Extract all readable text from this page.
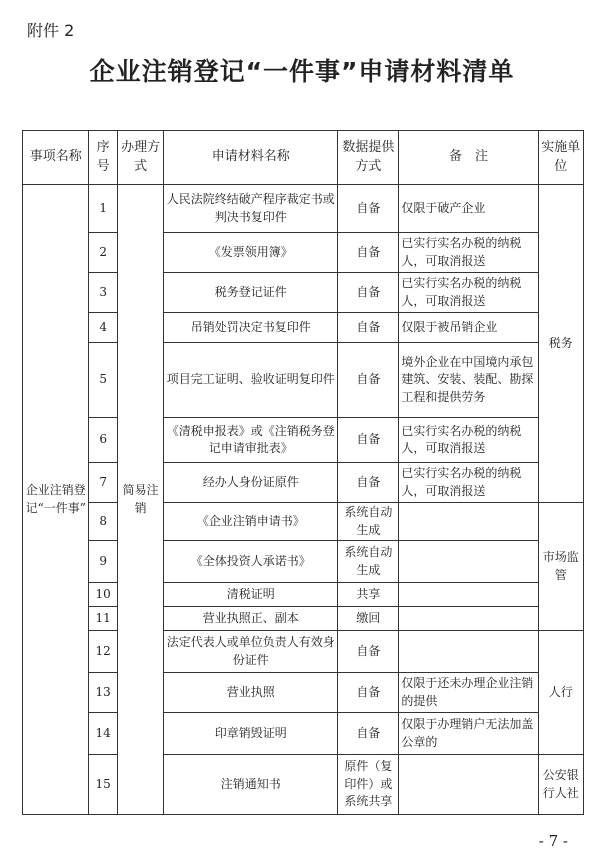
附件 2
企业注销登记“一件事”申请材料清单
事项名称	序号	办理方式	申请材料名称	数据提供方式	备　注	实施单位
企业注销登记“一件事”	1	简易注销	人民法院终结破产程序裁定书或判决书复印件	自备	仅限于破产企业	税务
	2		《发票领用簿》	自备	已实行实名办税的纳税人，可取消报送	
	3		税务登记证件	自备	已实行实名办税的纳税人，可取消报送	
	4		吊销处罚决定书复印件	自备	仅限于被吊销企业	
	5		项目完工证明、验收证明复印件	自备	境外企业在中国境内承包建筑、安装、装配、勘探工程和提供劳务	
	6		《清税申报表》或《注销税务登记申请审批表》	自备	已实行实名办税的纳税人，可取消报送	
	7		经办人身份证原件	自备	已实行实名办税的纳税人，可取消报送	
	8		《企业注销申请书》	系统自动生成		市场监管
	9		《全体投资人承诺书》	系统自动生成		
	10		清税证明	共享		
	11		营业执照正、副本	缴回		
	12		法定代表人或单位负责人有效身份证件	自备		人行
	13		营业执照	自备	仅限于还未办理企业注销的提供	
	14		印章销毁证明	自备	仅限于办理销户无法加盖公章的	
	15		注销通知书	原件（复印件）或系统共享		公安银行人社
- 7 -
